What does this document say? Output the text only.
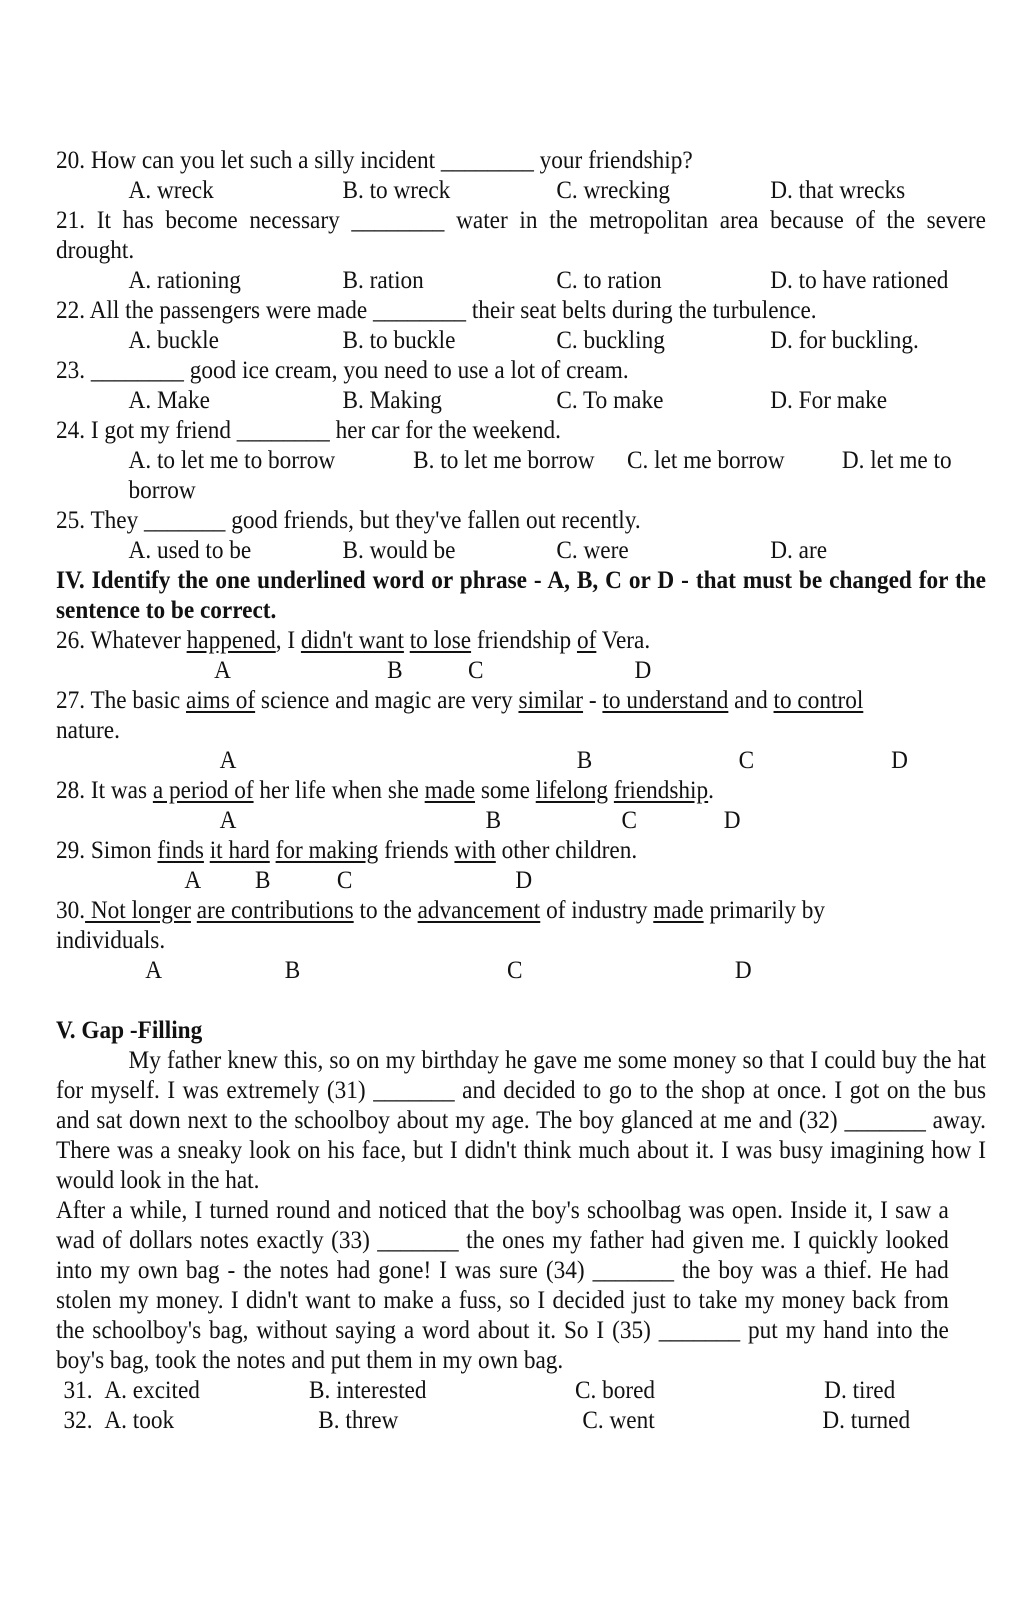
20. How can you let such a silly incident ________ your friendship?

A. wreck

	B. to wreck

	C. wrecking

	D. that wrecks

21. It has become necessary ________ water in the metropolitan area because of the severe drought.

A. rationing

	B. ration

	C. to ration

	D. to have rationed

22. All the passengers were made ________ their seat belts during the turbulence.

A. buckle

	B. to buckle

	C. buckling

	D. for buckling.

23. ________ good ice cream, you need to use a lot of cream.

A. Make

	B. Making

	C. To make

	D. For make

24. I got my friend ________ her car for the weekend.

A. to let me to borrow

	B. to let me borrow

C. let me borrow

D. let me to

borrow

25. They _______ good friends, but they've fallen out recently.

A. used to be

	B. would be

	C. were

	D. are

IV. Identify the one underlined word or phrase - A, B, C or D - that must be changed for the sentence to be correct.
26. Whatever happened, I didn't want to lose friendship of Vera.
A	B	C	D
27. The basic aims of science and magic are very similar - to understand and to control
nature.
A	B	C	D
28. It was a period of her life when she made some lifelong friendship.
A	B	C	D
29. Simon finds it hard for making friends with other children.
A B	C	D
30. Not longer are contributions to the advancement of industry made primarily by
individuals.
A	B	C	D
V. Gap -Filling
My father knew this, so on my birthday he gave me some money so that I could buy the hat for myself. I was extremely (31) _______ and decided to go to the shop at once. I got on the bus and sat down next to the schoolboy about my age. The boy glanced at me and (32) _______ away. There was a sneaky look on his face, but I didn't think much about it. I was busy imagining how I would look in the hat.
After a while, I turned round and noticed that the boy's schoolbag was open. Inside it, I saw a wad of dollars notes exactly (33) _______ the ones my father had given me. I quickly looked into my own bag - the notes had gone! I was sure (34) _______ the boy was a thief. He had stolen my money. I didn't want to make a fuss, so I decided just to take my money back from the schoolboy's bag, without saying a word about it. So I (35) _______ put my hand into the boy's bag, took the notes and put them in my own bag.

31.

A. excited

	B. interested

	C. bored

	D. tired

32.

A. took

	B. threw

	C. went

	D. turned
